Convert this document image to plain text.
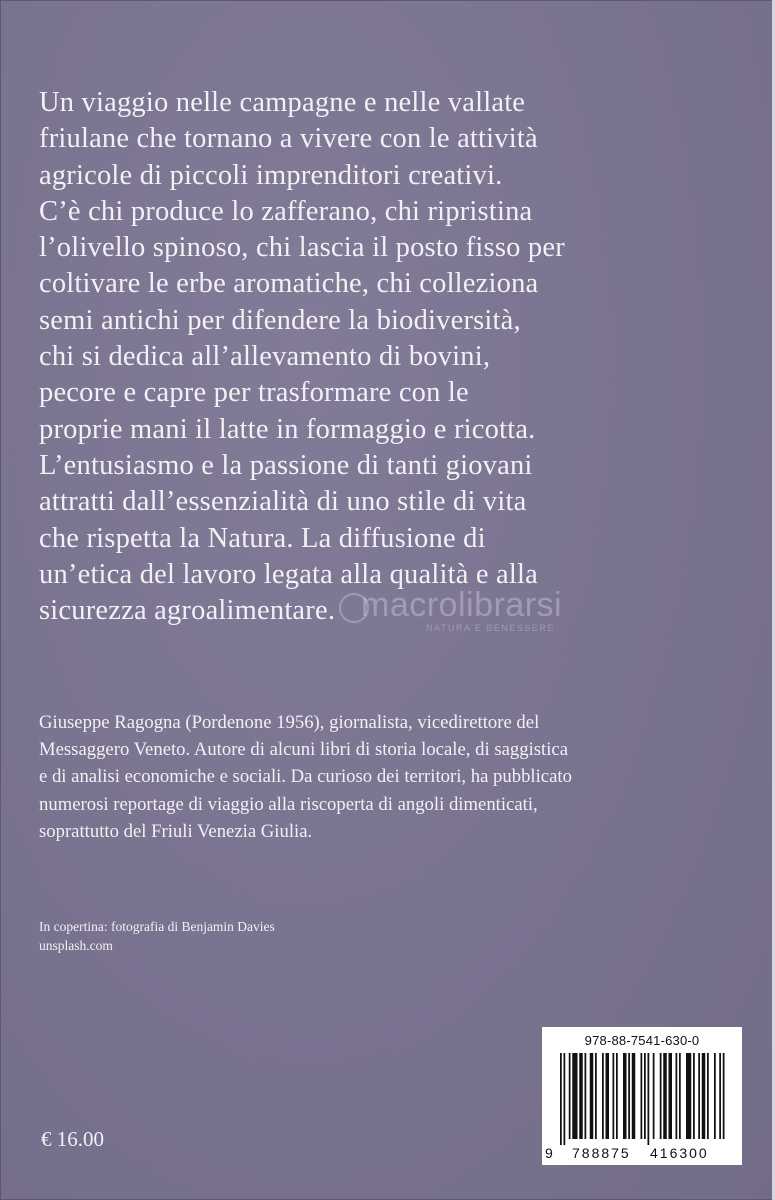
Un viaggio nelle campagne e nelle vallate
friulane che tornano a vivere con le attività
agricole di piccoli imprenditori creativi.
C’è chi produce lo zafferano, chi ripristina
l’olivello spinoso, chi lascia il posto fisso per
coltivare le erbe aromatiche, chi colleziona
semi antichi per difendere la biodiversità,
chi si dedica all’allevamento di bovini,
pecore e capre per trasformare con le
proprie mani il latte in formaggio e ricotta.
L’entusiasmo e la passione di tanti giovani
attratti dall’essenzialità di uno stile di vita
che rispetta la Natura. La diffusione di
un’etica del lavoro legata alla qualità e alla
sicurezza agroalimentare. macrolibrarsi
NATURA E BENESSERE
Giuseppe Ragogna (Pordenone 1956), giornalista, vicedirettore del
Messaggero Veneto. Autore di alcuni libri di storia locale, di saggistica
e di analisi economiche e sociali. Da curioso dei territori, ha pubblicato
numerosi reportage di viaggio alla riscoperta di angoli dimenticati,
soprattutto del Friuli Venezia Giulia.
In copertina: fotografia di Benjamin Davies
unsplash.com
978-88-7541-630-0
9 788875 416300
€ 16.00
